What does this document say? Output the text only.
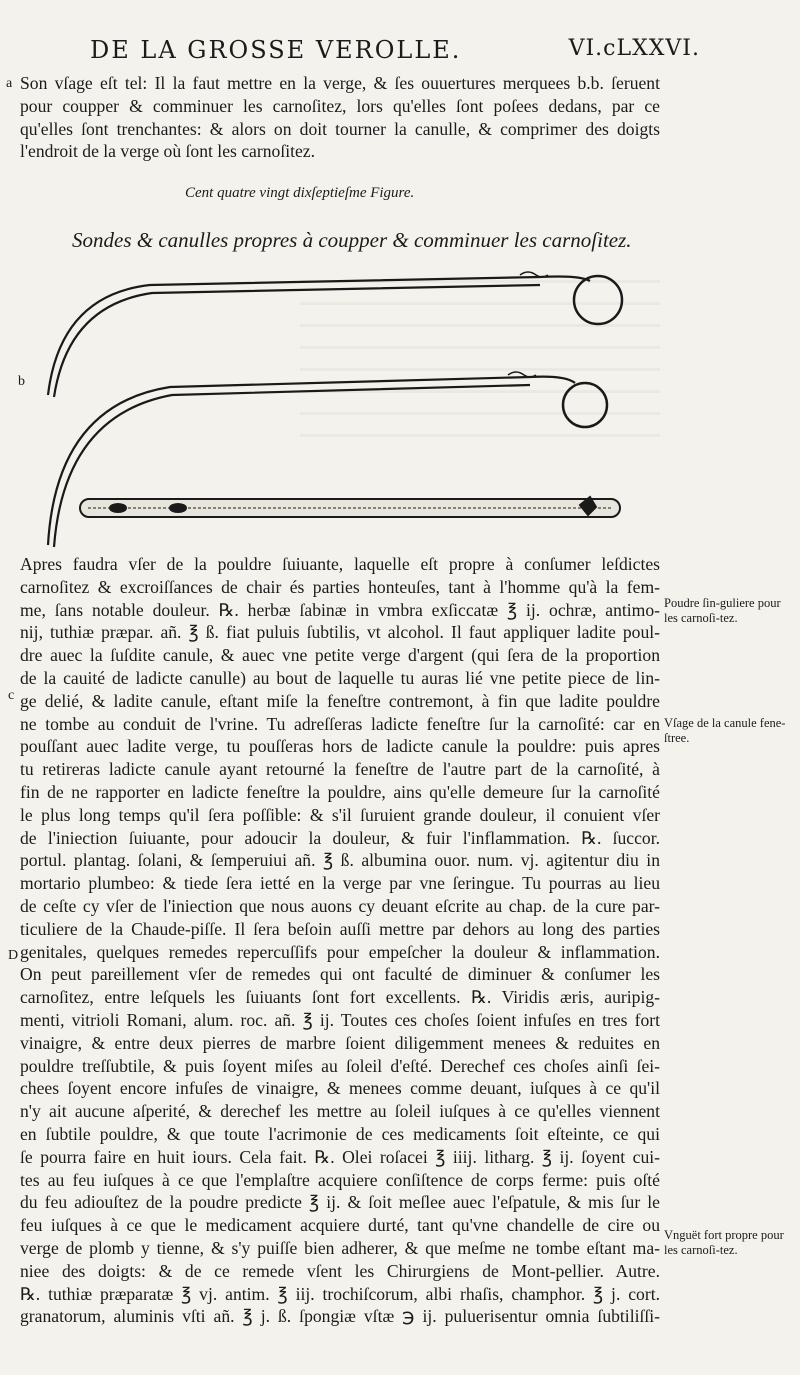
DE LA GROSSE VEROLLE.	VI.cLXXVI.
Son vſage eſt tel: Il la faut mettre en la verge, & ſes ouuertures merquees b.b. ſeruent
pour coupper & comminuer les carnoſitez, lors qu'elles ſont poſees dedans, par ce
qu'elles ſont trenchantes: & alors on doit tourner la canulle, & comprimer des doigts
l'endroit de la verge où ſont les carnoſitez.
Cent quatre vingt dixſeptieſme Figure.
Sondes & canulles propres à coupper & comminuer les carnoſitez.
Apres faudra vſer de la pouldre ſuiuante, laquelle eſt propre à conſumer leſdictes
carnoſitez & excroiſſances de chair és parties honteuſes, tant à l'homme qu'à la fem-
me, ſans notable douleur. ℞. herbæ ſabinæ in vmbra exſiccatæ ℥ ij. ochræ, antimo-
nij, tuthiæ præpar. añ. ℥ ß. fiat puluis ſubtilis, vt alcohol. Il faut appliquer ladite poul-
dre auec la ſuſdite canule, & auec vne petite verge d'argent (qui ſera de la proportion
de la cauité de ladicte canulle) au bout de laquelle tu auras lié vne petite piece de lin-
ge delié, & ladite canule, eſtant miſe la feneſtre contremont, à fin que ladite pouldre
ne tombe au conduit de l'vrine. Tu adreſſeras ladicte feneſtre ſur la carnoſité: car en
pouſſant auec ladite verge, tu pouſſeras hors de ladicte canule la pouldre: puis apres
tu retireras ladicte canule ayant retourné la feneſtre de l'autre part de la carnoſité, à
fin de ne rapporter en ladicte feneſtre la pouldre, ains qu'elle demeure ſur la carnoſité
le plus long temps qu'il ſera poſſible: & s'il ſuruient grande douleur, il conuient vſer
de l'iniection ſuiuante, pour adoucir la douleur, & fuir l'inflammation. ℞. ſuccor.
portul. plantag. ſolani, & ſemperuiui añ. ℥ ß. albumina ouor. num. vj. agitentur diu in
mortario plumbeo: & tiede ſera ietté en la verge par vne ſeringue. Tu pourras au lieu
de ceſte cy vſer de l'iniection que nous auons cy deuant eſcrite au chap. de la cure par-
ticuliere de la Chaude-piſſe. Il ſera beſoin auſſi mettre par dehors au long des parties
genitales, quelques remedes repercuſſifs pour empeſcher la douleur & inflammation.
On peut pareillement vſer de remedes qui ont faculté de diminuer & conſumer les
carnoſitez, entre leſquels les ſuiuants ſont fort excellents. ℞. Viridis æris, auripig-
menti, vitrioli Romani, alum. roc. añ. ℥ ij. Toutes ces choſes ſoient infuſes en tres fort
vinaigre, & entre deux pierres de marbre ſoient diligemment menees & reduites en
pouldre treſſubtile, & puis ſoyent miſes au ſoleil d'eſté. Derechef ces choſes ainſi ſei-
chees ſoyent encore infuſes de vinaigre, & menees comme deuant, iuſques à ce qu'il
n'y ait aucune aſperité, & derechef les mettre au ſoleil iuſques à ce qu'elles viennent
en ſubtile pouldre, & que toute l'acrimonie de ces medicaments ſoit eſteinte, ce qui
ſe pourra faire en huit iours. Cela fait. ℞. Olei roſacei ℥ iiij. litharg. ℥ ij. ſoyent cui-
tes au feu iuſques à ce que l'emplaſtre acquiere conſiſtence de corps ferme: puis oſté
du feu adiouſtez de la poudre predicte ℥ ij. & ſoit meſlee auec l'eſpatule, & mis ſur le
feu iuſques à ce que le medicament acquiere durté, tant qu'vne chandelle de cire ou
verge de plomb y tienne, & s'y puiſſe bien adherer, & que meſme ne tombe eſtant ma-
niee des doigts: & de ce remede vſent les Chirurgiens de Mont-pellier. Autre.
℞. tuthiæ præparatæ ℥ vj. antim. ℥ iij. trochiſcorum, albi rhaſis, champhor. ℥ j. cort.
granatorum, aluminis vſti añ. ℥ j. ß. ſpongiæ vſtæ ℈ ij. puluerisentur omnia ſubtiliſſi-
Poudre ſin-guliere pour les carnoſi-tez.
Vſage de la canule fene-ſtree.
Vnguët fort propre pour les carnoſi-tez.
a
b
c
D
